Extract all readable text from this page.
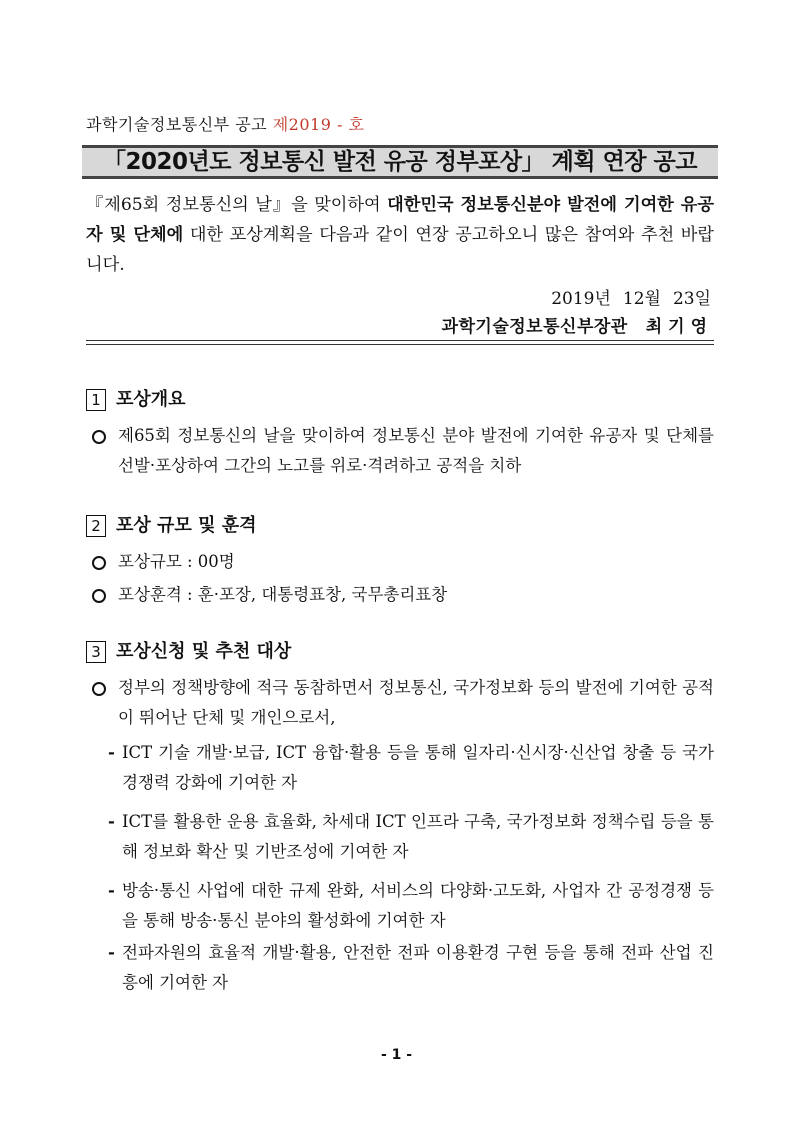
과학기술정보통신부 공고 제2019 - 호
「2020년도 정보통신 발전 유공 정부포상」 계획 연장 공고
『제65회 정보통신의 날』을 맞이하여 대한민국 정보통신분야 발전에 기여한 유공자 및 단체에 대한 포상계획을 다음과 같이 연장 공고하오니 많은 참여와 추천 바랍니다.
2019년 12월 23일
과학기술정보통신부장관 최기영
1 포상개요
제65회 정보통신의 날을 맞이하여 정보통신 분야 발전에 기여한 유공자 및 단체를 선발·포상하여 그간의 노고를 위로·격려하고 공적을 치하
2 포상 규모 및 훈격
포상규모 : 00명
포상훈격 : 훈·포장, 대통령표창, 국무총리표창
3 포상신청 및 추천 대상
정부의 정책방향에 적극 동참하면서 정보통신, 국가정보화 등의 발전에 기여한 공적이 뛰어난 단체 및 개인으로서,
- ICT 기술 개발·보급, ICT 융합·활용 등을 통해 일자리·신시장·신산업 창출 등 국가경쟁력 강화에 기여한 자
- ICT를 활용한 운용 효율화, 차세대 ICT 인프라 구축, 국가정보화 정책수립 등을 통해 정보화 확산 및 기반조성에 기여한 자
- 방송·통신 사업에 대한 규제 완화, 서비스의 다양화·고도화, 사업자 간 공정경쟁 등을 통해 방송·통신 분야의 활성화에 기여한 자
- 전파자원의 효율적 개발·활용, 안전한 전파 이용환경 구현 등을 통해 전파 산업 진흥에 기여한 자
- 1 -
